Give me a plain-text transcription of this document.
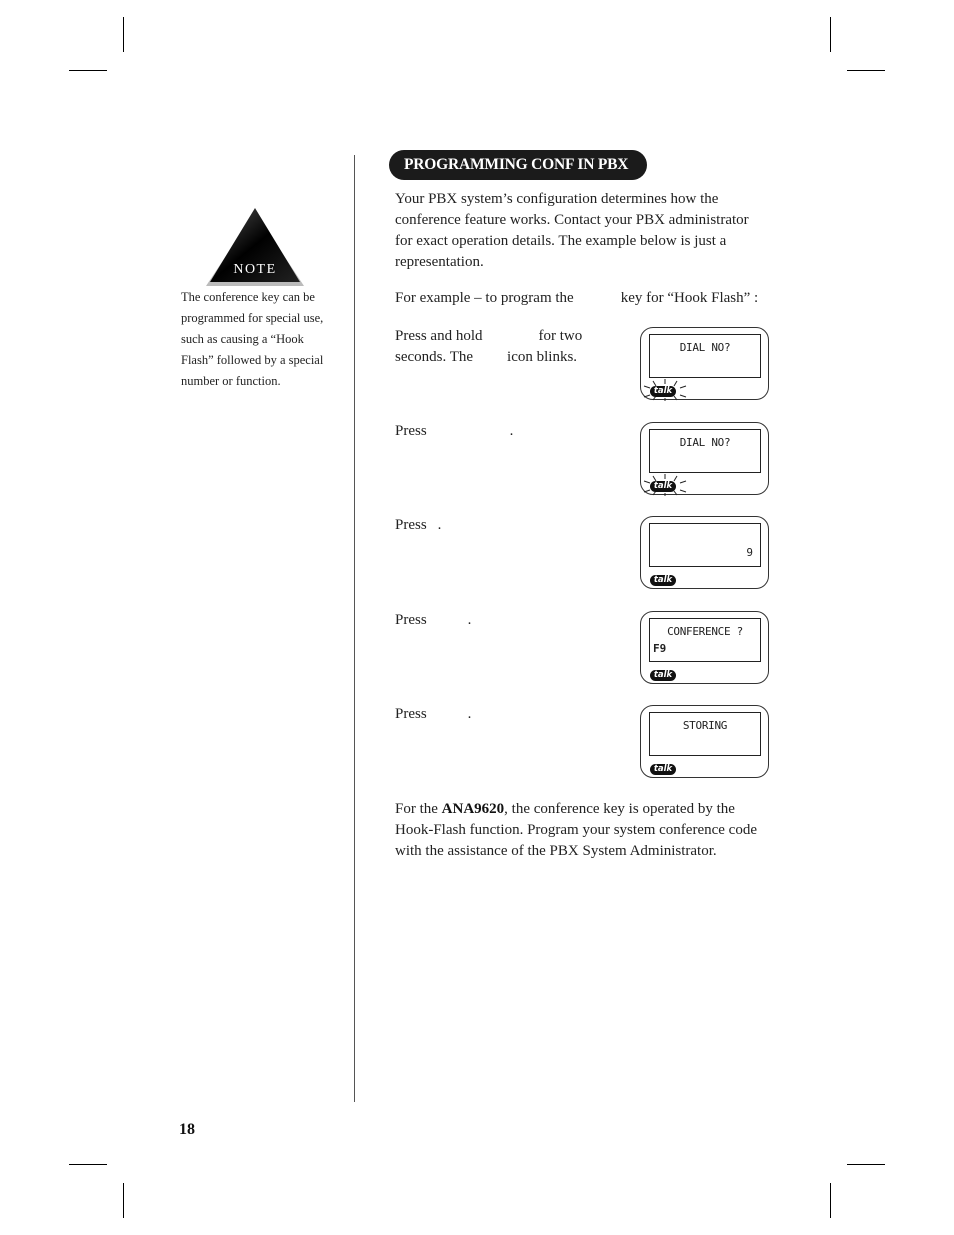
NOTE
The conference key can be programmed for special use, such as causing a “Hook Flash” followed by a special number or function.
PROGRAMMING CONF IN PBX
Your PBX system’s configuration determines how the conference feature works. Contact your PBX administrator for exact operation details. The example below is just a representation.
For example – to program the	key for “Hook Flash” :
Press and hold	for two
seconds. The icon blinks.
Press	.
Press .
Press	.
Press	.
DIAL NO?
talk
DIAL NO?
talk
9
talk
CONFERENCE ?
F9
talk
STORING
talk
For the ANA9620, the conference key is operated by the Hook-Flash function. Program your system conference code with the assistance of the PBX System Administrator.
18
